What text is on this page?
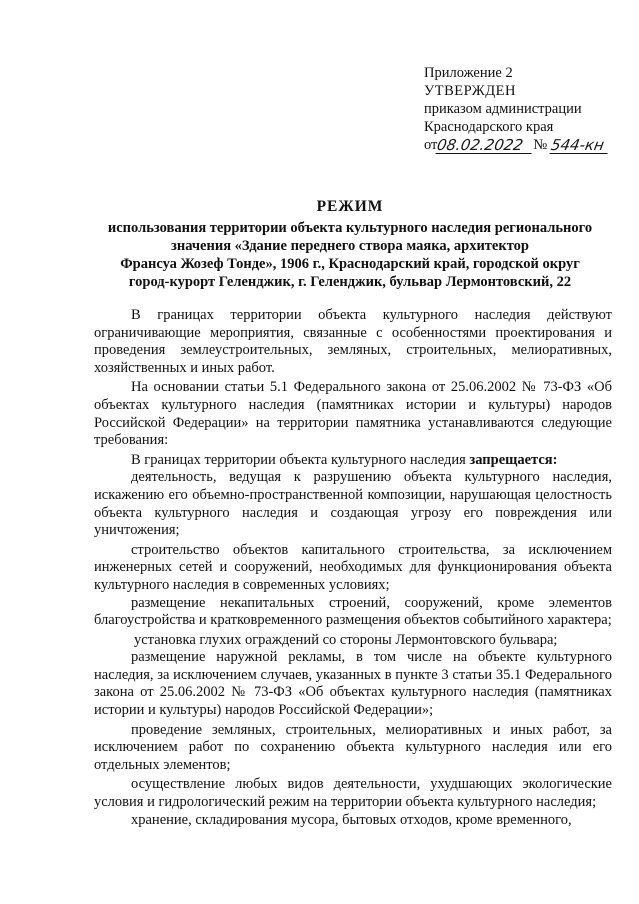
Приложение 2
УТВЕРЖДЕН
приказом администрации
Краснодарского края
от
08.02.2022 № 544-кн
РЕЖИМ
использования территории объекта культурного наследия регионального
значения «Здание переднего створа маяка, архитектор
Франсуа Жозеф Тонде», 1906 г., Краснодарский край, городской округ
город-курорт Геленджик, г. Геленджик, бульвар Лермонтовский, 22

В границах территории объекта культурного наследия действуют ограничивающие мероприятия, связанные с особенностями проектирования и проведения землеустроительных, земляных, строительных, мелиоративных, хозяйственных и иных работ.

На основании статьи 5.1 Федерального закона от 25.06.2002 № 73-ФЗ «Об объектах культурного наследия (памятниках истории и культуры) народов Российской Федерации» на территории памятника устанавливаются следующие требования:

В границах территории объекта культурного наследия запрещается:

деятельность, ведущая к разрушению объекта культурного наследия, искажению его объемно-пространственной композиции, нарушающая целостность объекта культурного наследия и создающая угрозу его повреждения или уничтожения;

строительство объектов капитального строительства, за исключением инженерных сетей и сооружений, необходимых для функционирования объекта культурного наследия в современных условиях;

размещение некапитальных строений, сооружений, кроме элементов благоустройства и кратковременного размещения объектов событийного характера;

установка глухих ограждений со стороны Лермонтовского бульвара;

размещение наружной рекламы, в том числе на объекте культурного наследия, за исключением случаев, указанных в пункте 3 статьи 35.1 Федерального закона от 25.06.2002 № 73-ФЗ «Об объектах культурного наследия (памятниках истории и культуры) народов Российской Федерации»;

проведение земляных, строительных, мелиоративных и иных работ, за исключением работ по сохранению объекта культурного наследия или его отдельных элементов;

осуществление любых видов деятельности, ухудшающих экологические условия и гидрологический режим на территории объекта культурного наследия;

хранение, складирования мусора, бытовых отходов, кроме временного,
